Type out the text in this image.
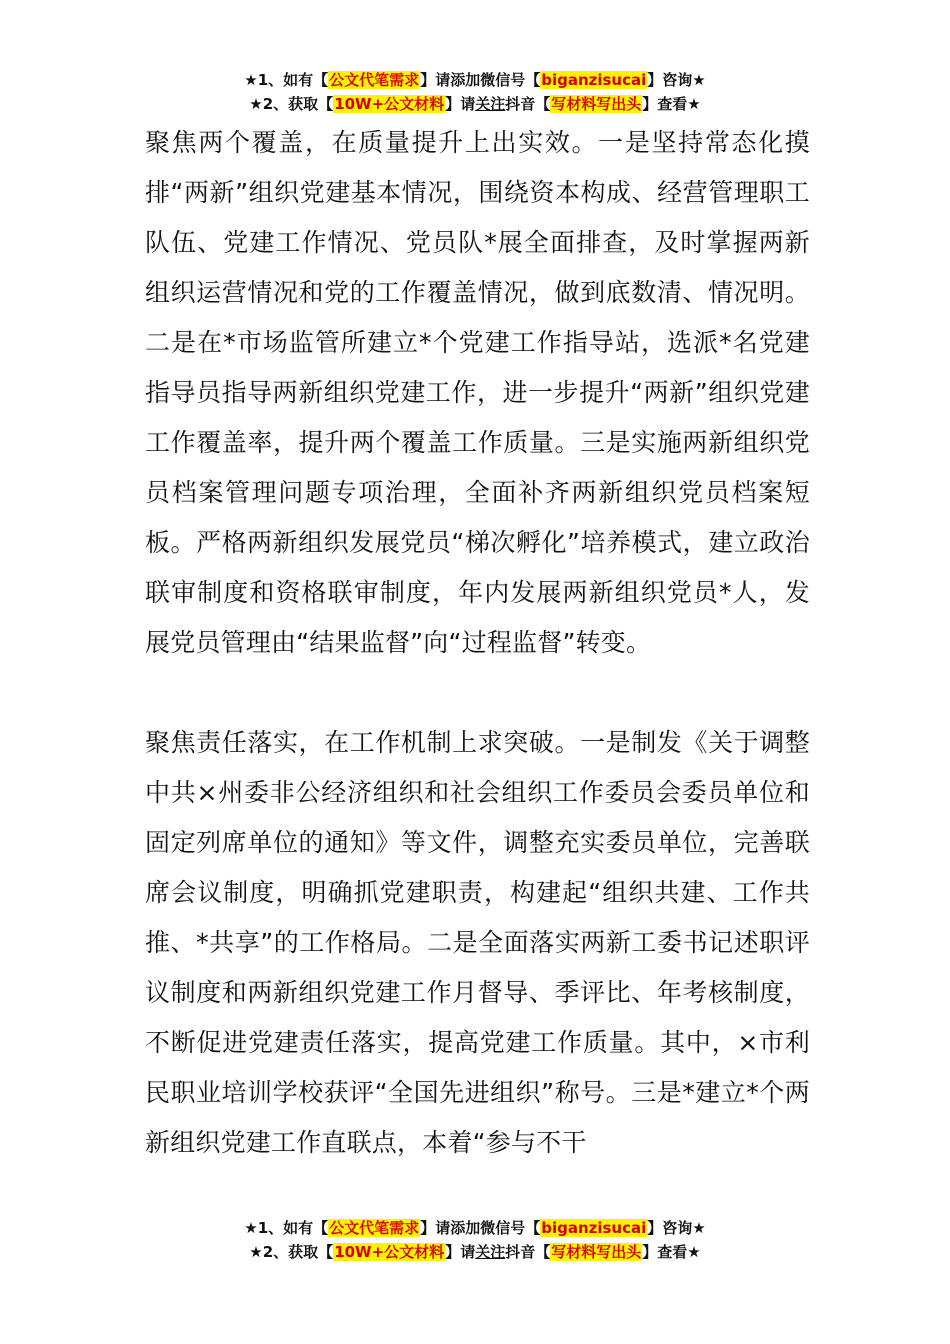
★1、如有【公文代笔需求】请添加微信号【biganzisucai】咨询★
★2、获取【10W+公文材料】请关注抖音【写材料写出头】查看★

聚焦两个覆盖，在质量提升上出实效。一是坚持常态化摸排“两新”组织党建基本情况，围绕资本构成、经营管理职工队伍、党建工作情况、党员队*展全面排查，及时掌握两新组织运营情况和党的工作覆盖情况，做到底数清、情况明。二是在*市场监管所建立*个党建工作指导站，选派*名党建指导员指导两新组织党建工作，进一步提升“两新”组织党建工作覆盖率，提升两个覆盖工作质量。三是实施两新组织党员档案管理问题专项治理，全面补齐两新组织党员档案短板。严格两新组织发展党员“梯次孵化”培养模式，建立政治联审制度和资格联审制度，年内发展两新组织党员*人，发展党员管理由“结果监督”向“过程监督”转变。

聚焦责任落实，在工作机制上求突破。一是制发《关于调整中共×州委非公经济组织和社会组织工作委员会委员单位和固定列席单位的通知》等文件，调整充实委员单位，完善联席会议制度，明确抓党建职责，构建起“组织共建、工作共推、*共享”的工作格局。二是全面落实两新工委书记述职评议制度和两新组织党建工作月督导、季评比、年考核制度，不断促进党建责任落实，提高党建工作质量。其中，×市利民职业培训学校获评“全国先进组织”称号。三是*建立*个两新组织党建工作直联点，本着“参与不干

★1、如有【公文代笔需求】请添加微信号【biganzisucai】咨询★
★2、获取【10W+公文材料】请关注抖音【写材料写出头】查看★
